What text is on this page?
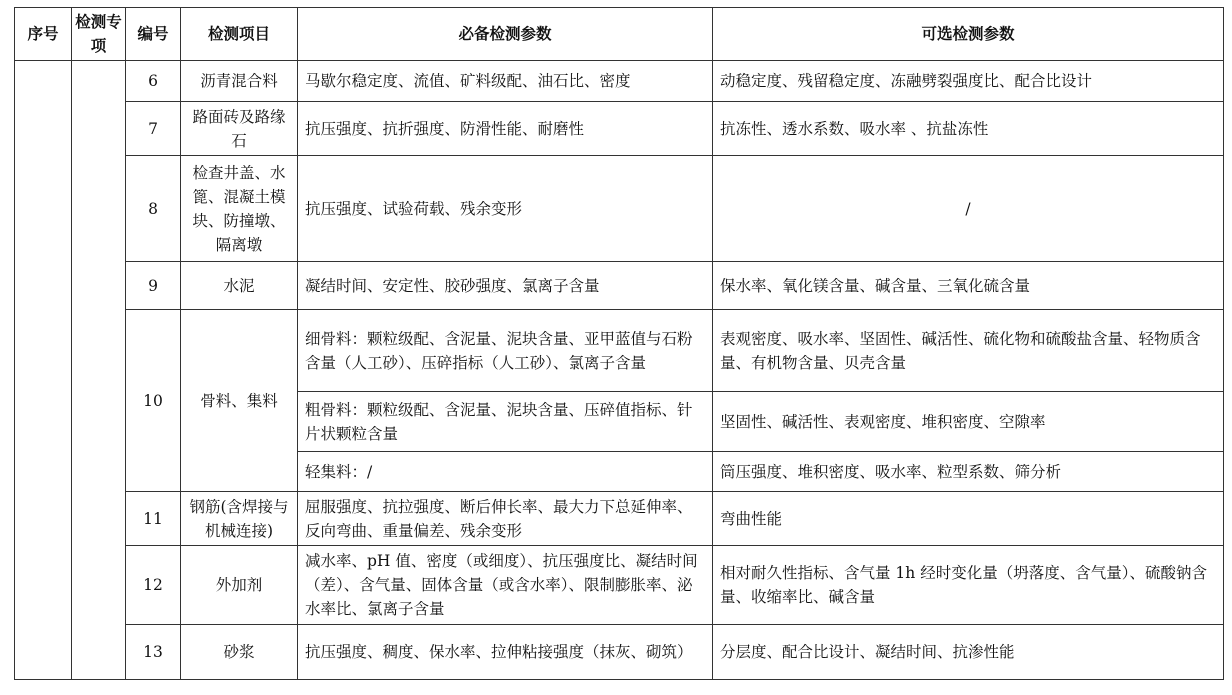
序号	检测专项	编号	检测项目	必备检测参数	可选检测参数
		6	沥青混合料	马歇尔稳定度、流值、矿料级配、油石比、密度	动稳定度、残留稳定度、冻融劈裂强度比、配合比设计
		7	路面砖及路缘石	抗压强度、抗折强度、防滑性能、耐磨性	抗冻性、透水系数、吸水率 、抗盐冻性
		8	检查井盖、水篦、混凝土模块、防撞墩、隔离墩	抗压强度、试验荷载、残余变形	/
		9	水泥	凝结时间、安定性、胶砂强度、氯离子含量	保水率、氧化镁含量、碱含量、三氧化硫含量
		10	骨料、集料	细骨料：颗粒级配、含泥量、泥块含量、亚甲蓝值与石粉含量（人工砂）、压碎指标（人工砂）、氯离子含量	表观密度、吸水率、坚固性、碱活性、硫化物和硫酸盐含量、轻物质含量、有机物含量、贝壳含量
				粗骨料：颗粒级配、含泥量、泥块含量、压碎值指标、针片状颗粒含量	坚固性、碱活性、表观密度、堆积密度、空隙率
				轻集料：/	筒压强度、堆积密度、吸水率、粒型系数、筛分析
		11	钢筋(含焊接与机械连接)	屈服强度、抗拉强度、断后伸长率、最大力下总延伸率、反向弯曲、重量偏差、残余变形	弯曲性能
		12	外加剂	减水率、pH 值、密度（或细度）、抗压强度比、凝结时间（差）、含气量、固体含量（或含水率）、限制膨胀率、泌水率比、氯离子含量	相对耐久性指标、含气量 1h 经时变化量（坍落度、含气量）、硫酸钠含量、收缩率比、碱含量
		13	砂浆	抗压强度、稠度、保水率、拉伸粘接强度（抹灰、砌筑）	分层度、配合比设计、凝结时间、抗渗性能
